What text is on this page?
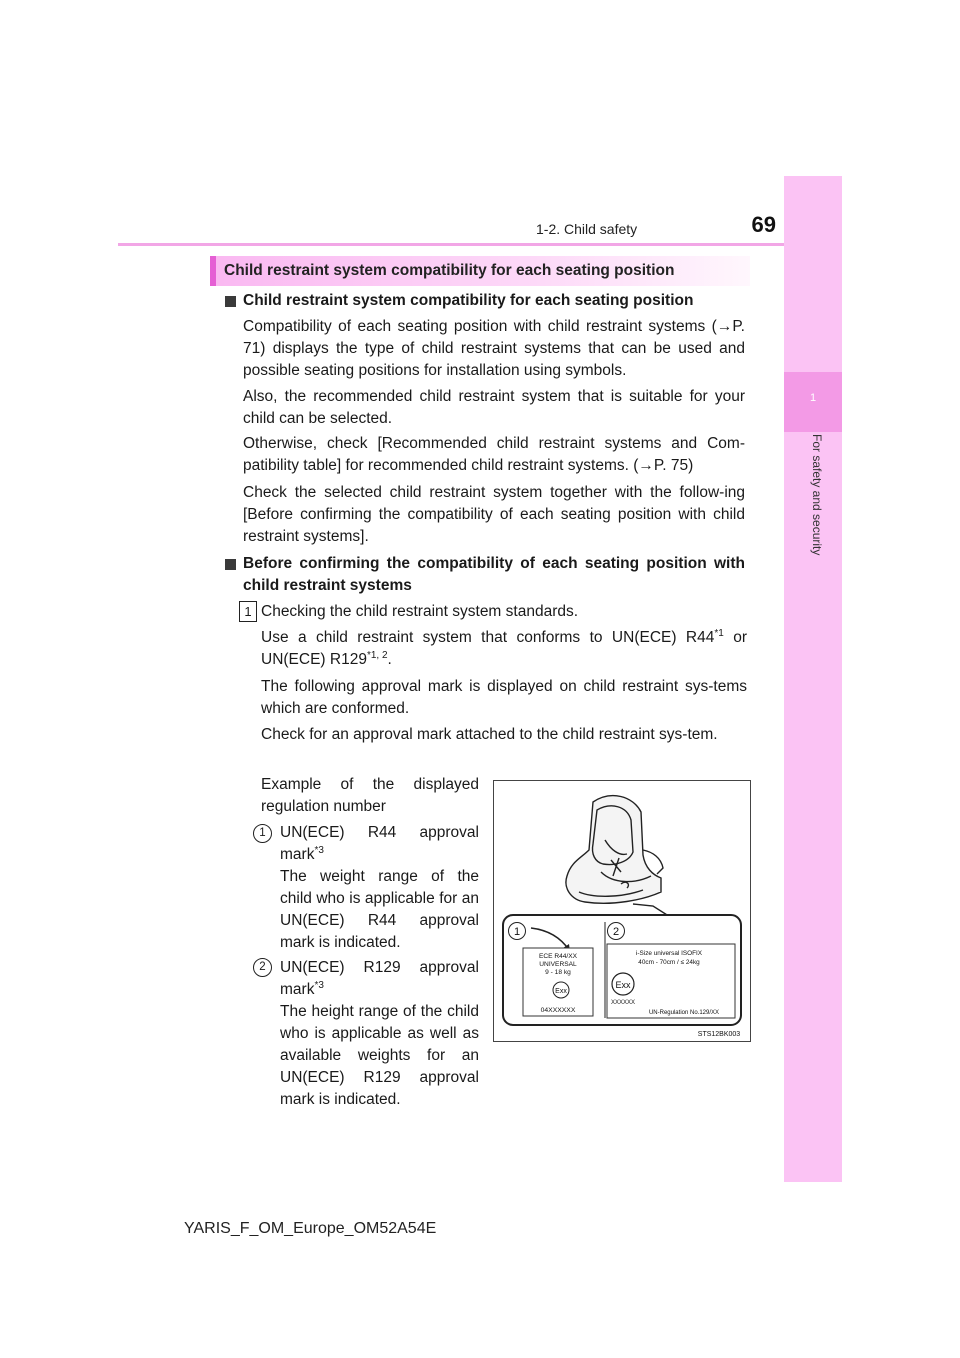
1-2. Child safety	69
1
For safety and security
Child restraint system compatibility for each seating position
Child restraint system compatibility for each seating position
Compatibility of each seating position with child restraint systems (→P. 71) displays the type of child restraint systems that can be used and possible seating positions for installation using symbols.
Also, the recommended child restraint system that is suitable for your child can be selected.
Otherwise, check [Recommended child restraint systems and Com-patibility table] for recommended child restraint systems. (→P. 75)
Check the selected child restraint system together with the follow-ing [Before confirming the compatibility of each seating position with child restraint systems].
Before confirming the compatibility of each seating position with child restraint systems
1 Checking the child restraint system standards.
Use a child restraint system that conforms to UN(ECE) R44$^{*1}$ or UN(ECE) R129$^{*1, 2}$.
The following approval mark is displayed on child restraint sys-tems which are conformed.
Check for an approval mark attached to the child restraint sys-tem.
Example of the displayed regulation number
1 UN(ECE) R44 approval mark$^{*3}$
The weight range of the child who is applicable for an UN(ECE) R44 approval mark is indicated.
2 UN(ECE) R129 approval mark$^{*3}$
The height range of the child who is applicable as well as available weights for an UN(ECE) R129 approval mark is indicated.
1	2
ECE R44/XX
UNIVERSAL
9 - 18 kg
Exx
04XXXXXX
i-Size universal ISOFIX
40cm - 70cm / ≤ 24kg
Exx
XXXXXX
UN-Regulation No.129/XX
STS12BK003
YARIS_F_OM_Europe_OM52A54E
